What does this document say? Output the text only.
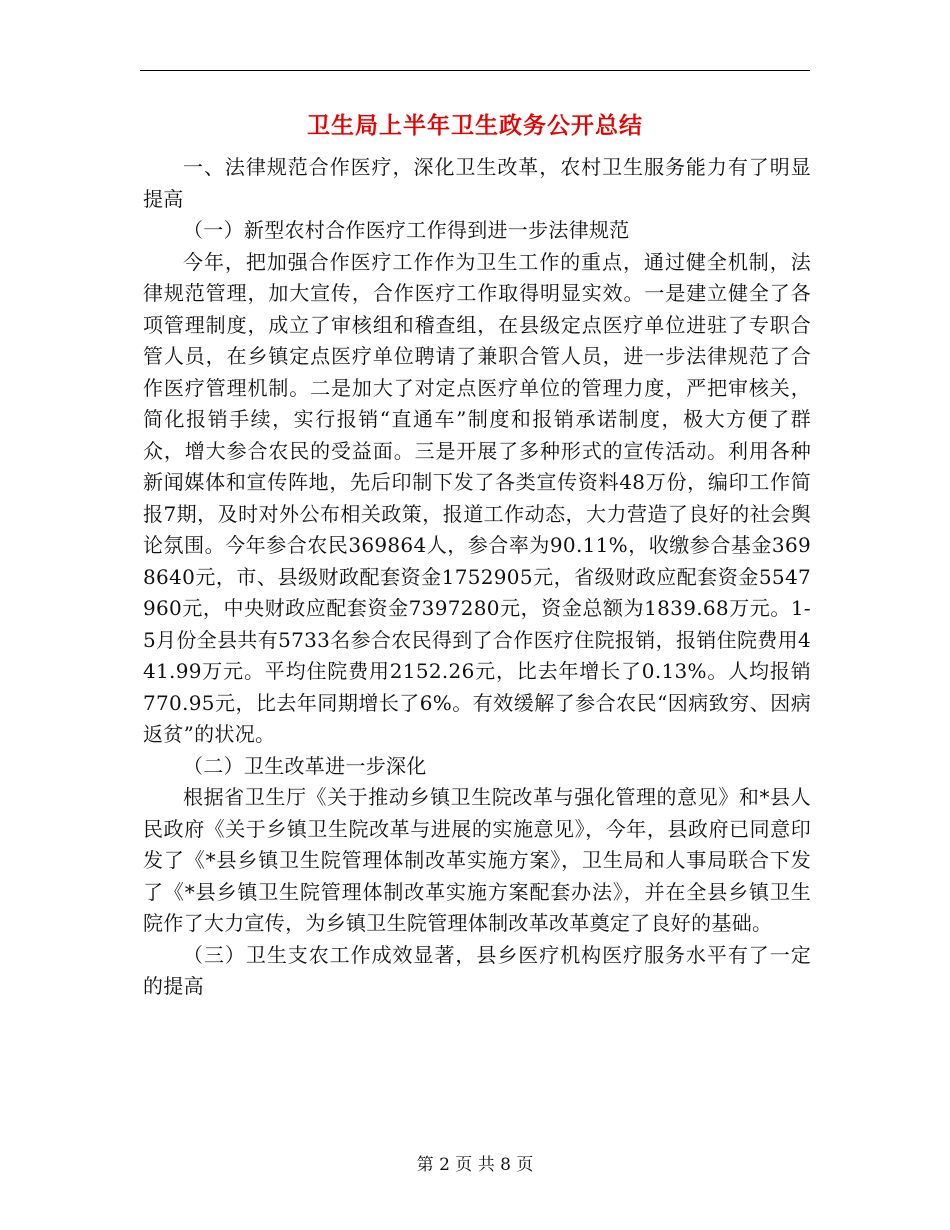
卫生局上半年卫生政务公开总结

一、法律规范合作医疗，深化卫生改革，农村卫生服务能力有了明显提高

（一）新型农村合作医疗工作得到进一步法律规范

今年，把加强合作医疗工作作为卫生工作的重点，通过健全机制，法律规范管理，加大宣传，合作医疗工作取得明显实效。一是建立健全了各项管理制度，成立了审核组和稽查组，在县级定点医疗单位进驻了专职合管人员，在乡镇定点医疗单位聘请了兼职合管人员，进一步法律规范了合作医疗管理机制。二是加大了对定点医疗单位的管理力度，严把审核关，简化报销手续，实行报销“直通车”制度和报销承诺制度，极大方便了群众，增大参合农民的受益面。三是开展了多种形式的宣传活动。利用各种新闻媒体和宣传阵地，先后印制下发了各类宣传资料48万份，编印工作简报7期，及时对外公布相关政策，报道工作动态，大力营造了良好的社会舆论氛围。今年参合农民369864人，参合率为90.11%，收缴参合基金3698640元，市、县级财政配套资金1752905元，省级财政应配套资金5547960元，中央财政应配套资金7397280元，资金总额为1839.68万元。1-5月份全县共有5733名参合农民得到了合作医疗住院报销，报销住院费用441.99万元。平均住院费用2152.26元，比去年增长了0.13%。人均报销770.95元，比去年同期增长了6%。有效缓解了参合农民“因病致穷、因病返贫”的状况。

（二）卫生改革进一步深化

根据省卫生厅《关于推动乡镇卫生院改革与强化管理的意见》和*县人民政府《关于乡镇卫生院改革与进展的实施意见》，今年，县政府已同意印发了《*县乡镇卫生院管理体制改革实施方案》，卫生局和人事局联合下发了《*县乡镇卫生院管理体制改革实施方案配套办法》，并在全县乡镇卫生院作了大力宣传，为乡镇卫生院管理体制改革改革奠定了良好的基础。

（三）卫生支农工作成效显著，县乡医疗机构医疗服务水平有了一定的提高

第 2 页 共 8 页
